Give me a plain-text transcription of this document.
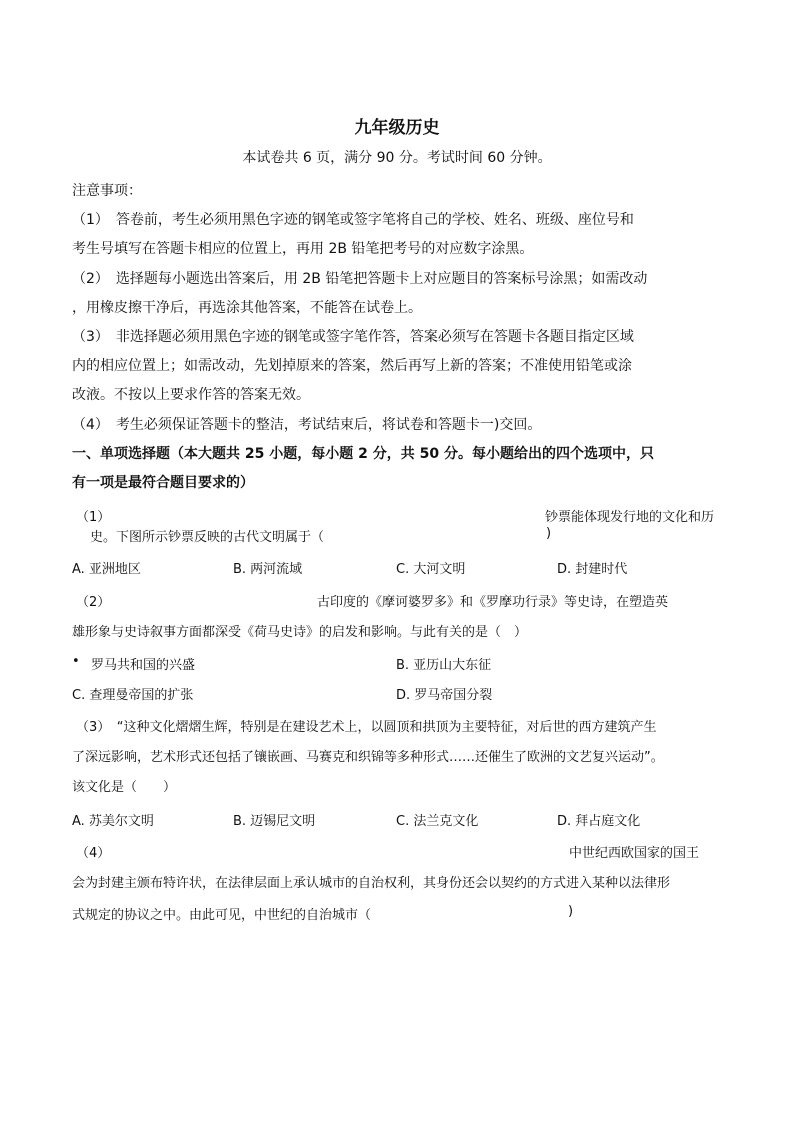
九年级历史
本试卷共 6 页，满分 90 分。考试时间 60 分钟。
注意事项：
（1）　答卷前，考生必须用黑色字迹的钢笔或签字笔将自己的学校、姓名、班级、座位号和
考生号填写在答题卡相应的位置上，再用 2B 铅笔把考号的对应数字涂黑。
（2）　选择题每小题选出答案后，用 2B 铅笔把答题卡上对应题目的答案标号涂黑；如需改动
，用橡皮擦干净后，再选涂其他答案，不能答在试卷上。
（3）　非选择题必须用黑色字迹的钢笔或签字笔作答，答案必须写在答题卡各题目指定区域
内的相应位置上；如需改动，先划掉原来的答案，然后再写上新的答案；不准使用铅笔或涂
改液。不按以上要求作答的答案无效。
（4）　考生必须保证答题卡的整洁，考试结束后，将试卷和答题卡一)交回。
一、单项选择题（本大题共 25 小题，每小题 2 分，共 50 分。每小题给出的四个选项中，只
有一项是最符合题目要求的）
（1）	钞票能体现发行地的文化和历
史。下图所示钞票反映的古代文明属于（	)
A. 亚洲地区	B. 两河流域	C. 大河文明	D. 封建时代
（2）	古印度的《摩诃婆罗多》和《罗摩功行录》等史诗，在塑造英
雄形象与史诗叙事方面都深受《荷马史诗》的启发和影响。与此有关的是（　）
• 罗马共和国的兴盛	B. 亚历山大东征
C. 查理曼帝国的扩张	D. 罗马帝国分裂
（3）　“这种文化熠熠生辉，特别是在建设艺术上，以圆顶和拱顶为主要特征，对后世的西方建筑产生
了深远影响，艺术形式还包括了镶嵌画、马赛克和织锦等多种形式……还催生了欧洲的文艺复兴运动”。
该文化是（　　）
A. 苏美尔文明	B. 迈锡尼文明	C. 法兰克文化	D. 拜占庭文化
（4）	中世纪西欧国家的国王
会为封建主颁布特许状，在法律层面上承认城市的自治权利，其身份还会以契约的方式进入某种以法律形
式规定的协议之中。由此可见，中世纪的自治城市（	)
